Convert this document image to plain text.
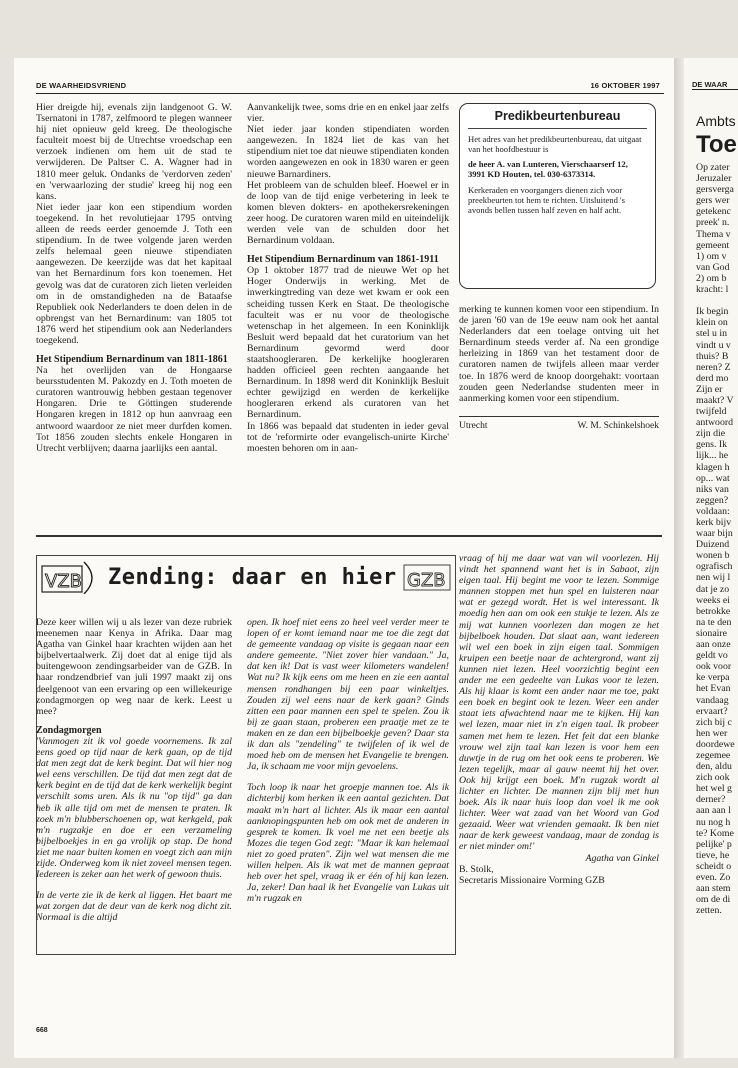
DE WAARHEIDSVRIEND	16 OKTOBER 1997

Hier dreigde hij, evenals zijn landgenoot G. W. Tsernatoni in 1787, zelfmoord te plegen wanneer hij niet opnieuw geld kreeg. De theologische faculteit moest bij de Utrechtse vroedschap een verzoek indienen om hem uit de stad te verwijderen. De Paltser C. A. Wagner had in 1810 meer geluk. Ondanks de 'verdorven zeden' en 'verwaarlozing der studie' kreeg hij nog een kans.

Niet ieder jaar kon een stipendium worden toegekend. In het revolutiejaar 1795 ontving alleen de reeds eerder genoemde J. Toth een stipendium. In de twee volgende jaren werden zelfs helemaal geen nieuwe stipendiaten aangewezen. De keerzijde was dat het kapitaal van het Bernardinum fors kon toenemen. Het gevolg was dat de curatoren zich lieten verleiden om in de omstandigheden na de Bataafse Republiek ook Nederlanders te doen delen in de opbrengst van het Bernardinum: van 1805 tot 1876 werd het stipendium ook aan Nederlanders toegekend.

Het Stipendium Bernardinum van 1811-1861

Na het overlijden van de Hongaarse beursstudenten M. Pakozdy en J. Toth moeten de curatoren wantrouwig hebben gestaan tegenover Hongaren. Drie te Göttingen studerende Hongaren kregen in 1812 op hun aanvraag een antwoord waardoor ze niet meer durfden komen. Tot 1856 zouden slechts enkele Hongaren in Utrecht verblijven; daarna jaarlijks een aantal.

Aanvankelijk twee, soms drie en en enkel jaar zelfs vier.

Niet ieder jaar konden stipendiaten worden aangewezen. In 1824 liet de kas van het stipendium niet toe dat nieuwe stipendiaten konden worden aangewezen en ook in 1830 waren er geen nieuwe Barnardiners.

Het probleem van de schulden bleef. Hoewel er in de loop van de tijd enige verbetering in leek te komen bleven dokters- en apothekersrekeningen zeer hoog. De curatoren waren mild en uiteindelijk werden vele van de schulden door het Bernardinum voldaan.

Het Stipendium Bernardinum van 1861-1911

Op 1 oktober 1877 trad de nieuwe Wet op het Hoger Onderwijs in werking. Met de inwerkingtreding van deze wet kwam er ook een scheiding tussen Kerk en Staat. De theologische faculteit was er nu voor de theologische wetenschap in het algemeen. In een Koninklijk Besluit werd bepaald dat het curatorium van het Bernardinum gevormd werd door staatshoogleraren. De kerkelijke hoogleraren hadden officieel geen rechten aangaande het Bernardinum. In 1898 werd dit Koninklijk Besluit echter gewijzigd en werden de kerkelijke hoogleraren erkend als curatoren van het Bernardinum.

In 1866 was bepaald dat studenten in ieder geval tot de 'reformirte oder evangelisch-unirte Kirche' moesten behoren om in aan-

Predikbeurtenbureau

Het adres van het predikbeurtenbureau, dat uitgaat van het hoofdbestuur is

de heer A. van Lunteren, Vierschaarserf 12, 3991 KD Houten, tel. 030-6373314.

Kerkeraden en voorgangers dienen zich voor preekbeurten tot hem te richten. Uitsluitend 's avonds bellen tussen half zeven en half acht.

merking te kunnen komen voor een stipendium. In de jaren '60 van de 19e eeuw nam ook het aantal Nederlanders dat een toelage ontving uit het Bernardinum steeds verder af. Na een grondige herleizing in 1869 van het testament door de curatoren namen de twijfels alleen maar verder toe. In 1876 werd de knoop doorgehakt: voortaan zouden geen Nederlandse studenten meer in aanmerking komen voor een stipendium.

Utrecht	W. M. Schinkelshoek
VZB Zending: daar en hier GZB

Deze keer willen wij u als lezer van deze rubriek meenemen naar Kenya in Afrika. Daar mag Agatha van Ginkel haar krachten wijden aan het bijbelvertaalwerk. Zij doet dat al enige tijd als buitengewoon zendingsarbeider van de GZB. In haar rondzendbrief van juli 1997 maakt zij ons deelgenoot van een ervaring op een willekeurige zondagmorgen op weg naar de kerk. Leest u mee?

Zondagmorgen

'Vanmogen zit ik vol goede voornemens. Ik zal eens goed op tijd naar de kerk gaan, op de tijd dat men zegt dat de kerk begint. Dat wil hier nog wel eens verschillen. De tijd dat men zegt dat de kerk begint en de tijd dat de kerk werkelijk begint verschilt soms uren. Als ik nu "op tijd" ga dan heb ik alle tijd om met de mensen te praten. Ik zoek m'n blubberschoenen op, wat kerkgeld, pak m'n rugzakje en doe er een verzameling bijbelboekjes in en ga vrolijk op stap. De hond ziet me naar buiten komen en voegt zich aan mijn zijde. Onderweg kom ik niet zoveel mensen tegen. Iedereen is zeker aan het werk of gewoon thuis.

In de verte zie ik de kerk al liggen. Het baart me wat zorgen dat de deur van de kerk nog dicht zit. Normaal is die altijd

open. Ik hoef niet eens zo heel veel verder meer te lopen of er komt iemand naar me toe die zegt dat de gemeente vandaag op visite is gegaan naar een andere gemeente. "Niet zover hier vandaan." Ja, dat ken ik! Dat is vast weer kilometers wandelen! Wat nu? Ik kijk eens om me heen en zie een aantal mensen rondhangen bij een paar winkeltjes. Zouden zij wel eens naar de kerk gaan? Ginds zitten een paar mannen een spel te spelen. Zou ik bij ze gaan staan, proberen een praatje met ze te maken en ze dan een bijbelboekje geven? Daar sta ik dan als "zendeling" te twijfelen of ik wel de moed heb om de mensen het Evangelie te brengen. Ja, ik schaam me voor mijn gevoelens.

Toch loop ik naar het groepje mannen toe. Als ik dichterbij kom herken ik een aantal gezichten. Dat maakt m'n hart al lichter. Als ik maar een aantal aanknopingspunten heb om ook met de anderen in gesprek te komen. Ik voel me net een beetje als Mozes die tegen God zegt: "Maar ik kan helemaal niet zo goed praten". Zijn wel wat mensen die me willen helpen. Als ik wat met de mannen gepraat heb over het spel, vraag ik er één of hij kan lezen. Ja, zeker! Dan haal ik het Evangelie van Lukas uit m'n rugzak en

vraag of hij me daar wat van wil voorlezen. Hij vindt het spannend want het is in Sabaot, zijn eigen taal. Hij begint me voor te lezen. Sommige mannen stoppen met hun spel en luisteren naar wat er gezegd wordt. Het is wel interessant. Ik moedig hen aan om ook een stukje te lezen. Als ze mij wat kunnen voorlezen dan mogen ze het bijbelboek houden. Dat slaat aan, want iedereen wil wel een boek in zijn eigen taal. Sommigen kruipen een beetje naar de achtergrond, want zij kunnen niet lezen. Heel voorzichtig begint een ander me een gedeelte van Lukas voor te lezen. Als hij klaar is komt een ander naar me toe, pakt een boek en begint ook te lezen. Weer een ander staat iets afwachtend naar me te kijken. Hij kan wel lezen, maar niet in z'n eigen taal. Ik probeer samen met hem te lezen. Het feit dat een blanke vrouw wel zijn taal kan lezen is voor hem een duwtje in de rug om het ook eens te proberen. We lezen tegelijk, maar al gauw neemt hij het over. Ook hij krijgt een boek. M'n rugzak wordt al lichter en lichter. De mannen zijn blij met hun boek. Als ik naar huis loop dan voel ik me ook lichter. Weer wat zaad van het Woord van God gezaaid. Weer wat vrienden gemaakt. Ik ben niet naar de kerk geweest vandaag, maar de zondag is er niet minder om!'

Agatha van Ginkel

B. Stolk,

Secretaris Missionaire Vorming GZB

668
DE WAAR
Ambts
Toe
Op zater
Jeruzaler
gersverga
gers wer
getekenc
preek' n.
Thema v
gemeent
1) om v
van God
2) om b
kracht: l

Ik begin
klein on
stel u in
vindt u v
thuis? B
neren? Z
derd mo
Zijn er
maakt? V
twijfeld
antwoord
zijn die
gens. Ik
lijk... he
klagen h
op... wat
niks van
zeggen?
voldaan:
kerk bijv
waar bijn
Duizend
wonen b
ografisch
nen wij l
dat je zo
weeks ei
betrokke
na te den
sionaire
aan onze
geldt vo
ook voor
ke verpa
het Evan
vandaag
ervaart?
zich bij c
hen wer
doordewe
zegemee
den, aldu
zich ook
het wel g
derner?
aan aan l
nu nog h
te? Kome
pelijke' p
tieve, he
scheidt o
even. Zo
aan stem
om de di
zetten.
